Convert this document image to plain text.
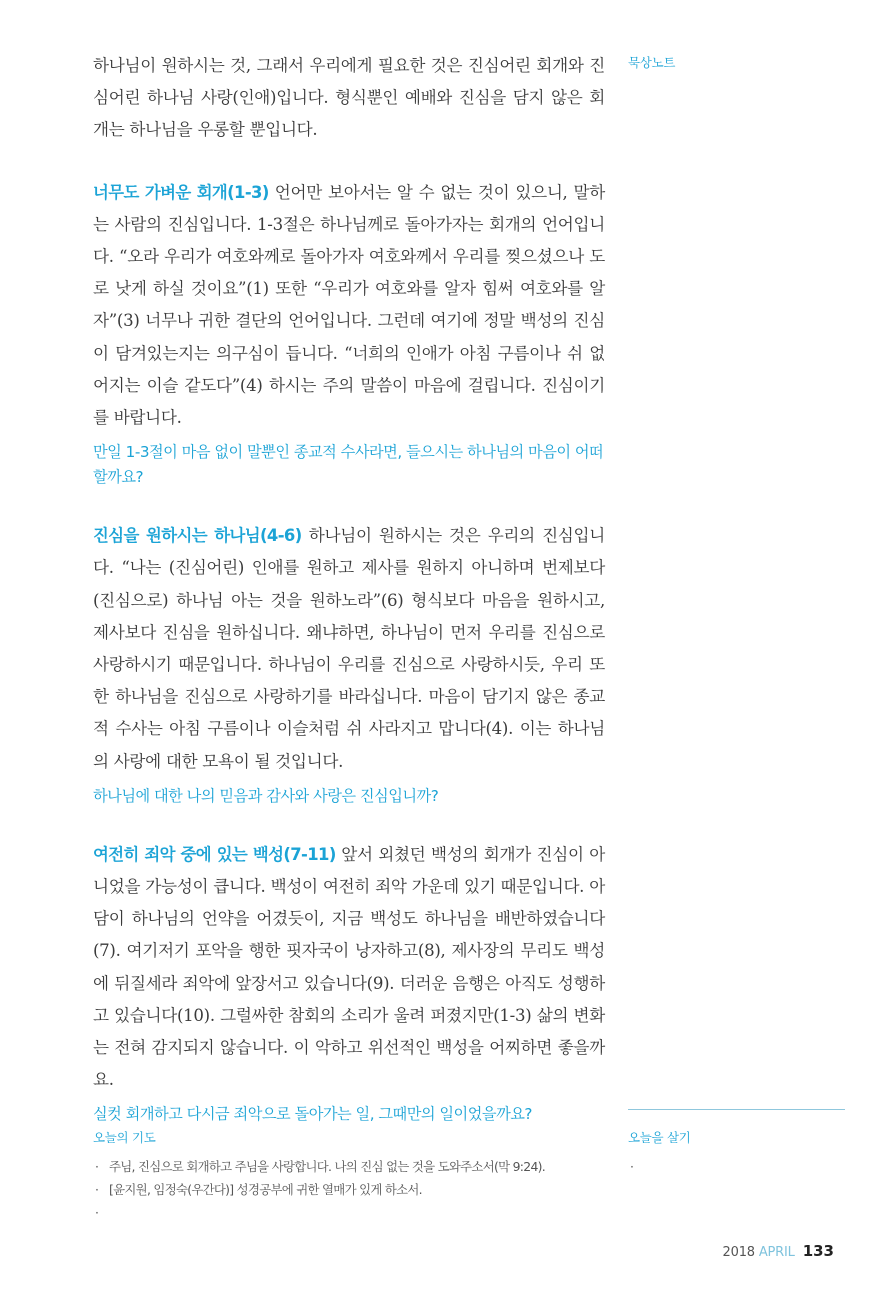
묵상노트

하나님이 원하시는 것, 그래서 우리에게 필요한 것은 진심어린 회개와 진심어린 하나님 사랑(인애)입니다. 형식뿐인 예배와 진심을 담지 않은 회개는 하나님을 우롱할 뿐입니다.

너무도 가벼운 회개(1-3) 언어만 보아서는 알 수 없는 것이 있으니, 말하는 사람의 진심입니다. 1-3절은 하나님께로 돌아가자는 회개의 언어입니다. “오라 우리가 여호와께로 돌아가자 여호와께서 우리를 찢으셨으나 도로 낫게 하실 것이요”(1) 또한 “우리가 여호와를 알자 힘써 여호와를 알자”(3) 너무나 귀한 결단의 언어입니다. 그런데 여기에 정말 백성의 진심이 담겨있는지는 의구심이 듭니다. “너희의 인애가 아침 구름이나 쉬 없어지는 이슬 같도다”(4) 하시는 주의 말씀이 마음에 걸립니다. 진심이기를 바랍니다.

만일 1-3절이 마음 없이 말뿐인 종교적 수사라면, 들으시는 하나님의 마음이 어떠할까요?

진심을 원하시는 하나님(4-6) 하나님이 원하시는 것은 우리의 진심입니다. “나는 (진심어린) 인애를 원하고 제사를 원하지 아니하며 번제보다 (진심으로) 하나님 아는 것을 원하노라”(6) 형식보다 마음을 원하시고, 제사보다 진심을 원하십니다. 왜냐하면, 하나님이 먼저 우리를 진심으로 사랑하시기 때문입니다. 하나님이 우리를 진심으로 사랑하시듯, 우리 또한 하나님을 진심으로 사랑하기를 바라십니다. 마음이 담기지 않은 종교적 수사는 아침 구름이나 이슬처럼 쉬 사라지고 맙니다(4). 이는 하나님의 사랑에 대한 모욕이 될 것입니다.

하나님에 대한 나의 믿음과 감사와 사랑은 진심입니까?

여전히 죄악 중에 있는 백성(7-11) 앞서 외쳤던 백성의 회개가 진심이 아니었을 가능성이 큽니다. 백성이 여전히 죄악 가운데 있기 때문입니다. 아담이 하나님의 언약을 어겼듯이, 지금 백성도 하나님을 배반하였습니다(7). 여기저기 포악을 행한 핏자국이 낭자하고(8), 제사장의 무리도 백성에 뒤질세라 죄악에 앞장서고 있습니다(9). 더러운 음행은 아직도 성행하고 있습니다(10). 그럴싸한 참회의 소리가 울려 퍼졌지만(1-3) 삶의 변화는 전혀 감지되지 않습니다. 이 악하고 위선적인 백성을 어찌하면 좋을까요.

실컷 회개하고 다시금 죄악으로 돌아가는 일, 그때만의 일이었을까요?

오늘의 기도
· 주님, 진심으로 회개하고 주님을 사랑합니다. 나의 진심 없는 것을 도와주소서(막 9:24).
· [윤지원, 임정숙(우간다)] 성경공부에 귀한 열매가 있게 하소서.
·
오늘을 살기
·
2018 APRIL 133
